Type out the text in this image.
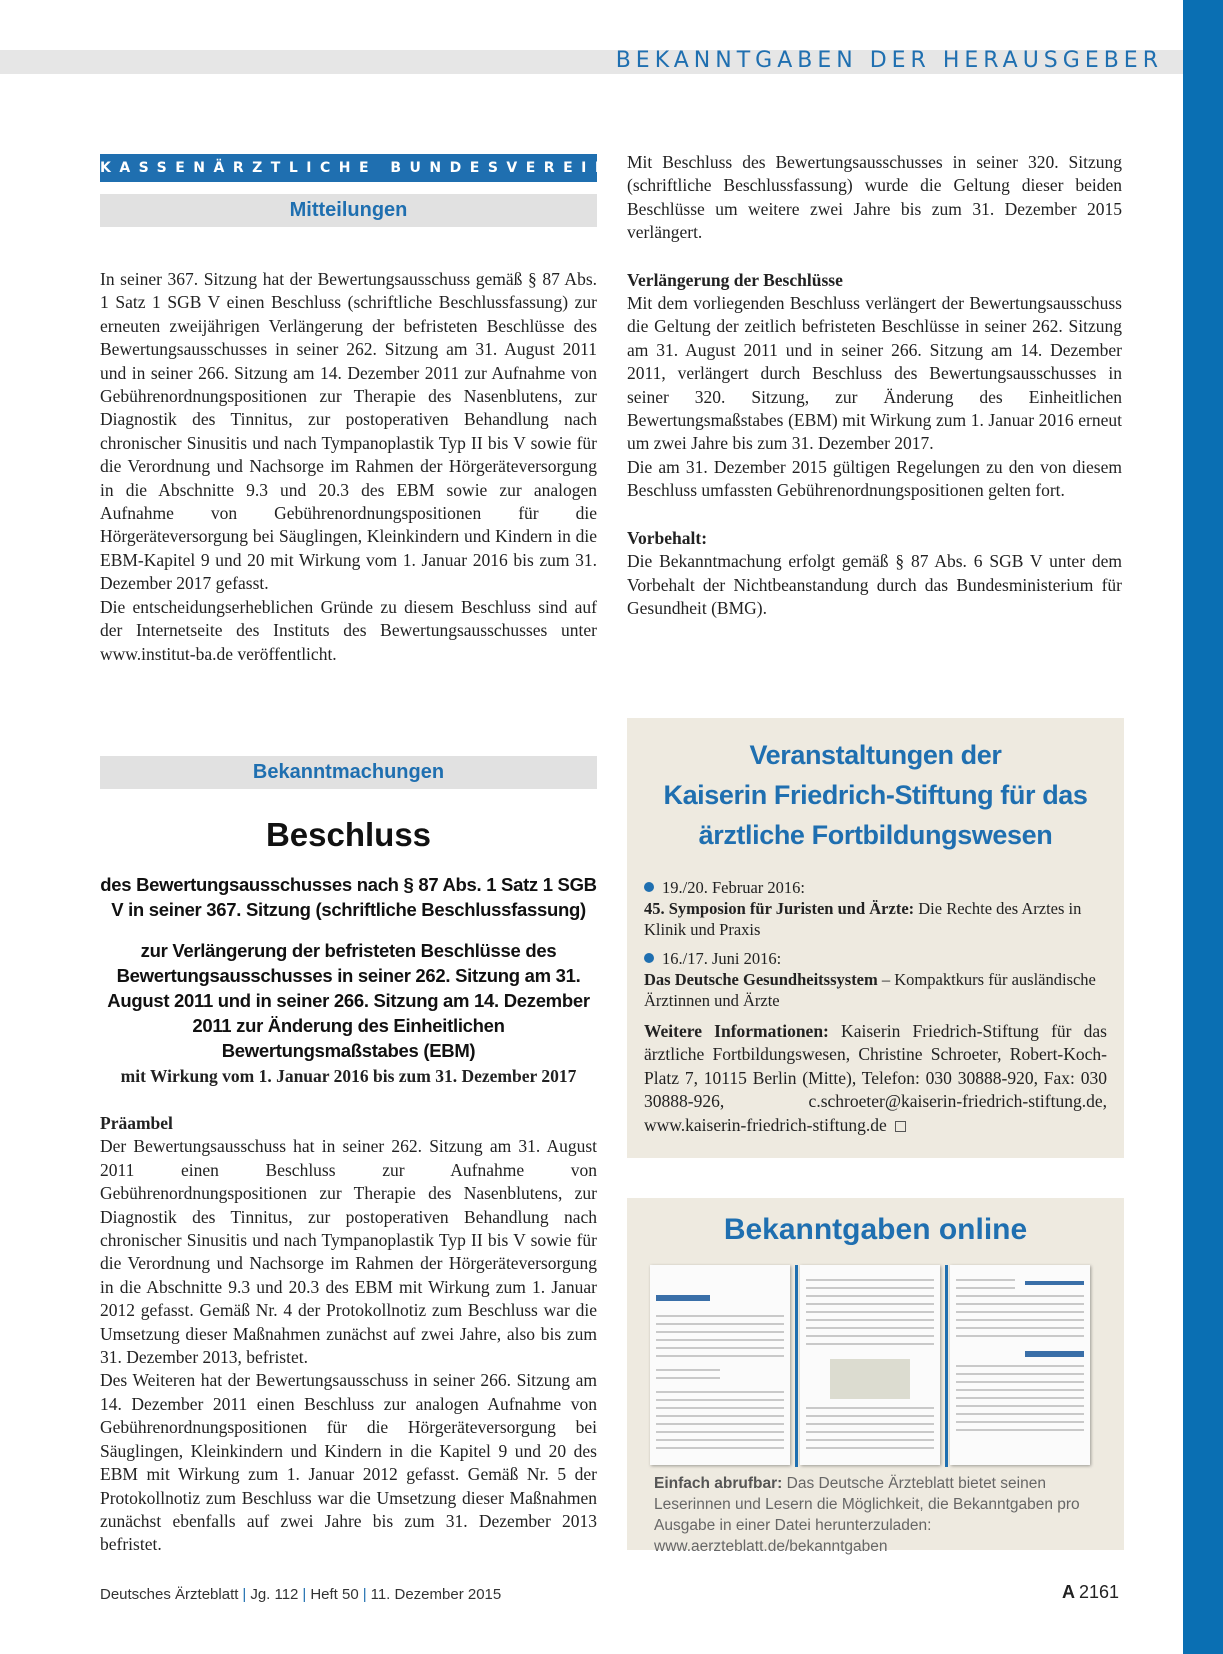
BEKANNTGABEN DER HERAUSGEBER
KASSENÄRZTLICHE BUNDESVEREINIGUNG
Mitteilungen

In seiner 367. Sitzung hat der Bewertungsausschuss gemäß § 87 Abs. 1 Satz 1 SGB V einen Beschluss (schriftliche Beschlussfassung) zur erneuten zweijährigen Verlängerung der befristeten Beschlüsse des Bewertungsausschusses in seiner 262. Sitzung am 31. August 2011 und in seiner 266. Sitzung am 14. Dezember 2011 zur Aufnahme von Gebührenordnungspositionen zur Therapie des Nasenblutens, zur Diagnostik des Tinnitus, zur postoperativen Behandlung nach chronischer Sinusitis und nach Tympanoplastik Typ II bis V sowie für die Verordnung und Nachsorge im Rahmen der Hörgeräteversorgung in die Abschnitte 9.3 und 20.3 des EBM sowie zur analogen Aufnahme von Gebührenordnungspositionen für die Hörgeräteversorgung bei Säuglingen, Kleinkindern und Kindern in die EBM-Kapitel 9 und 20 mit Wirkung vom 1. Januar 2016 bis zum 31. Dezember 2017 gefasst.

Die entscheidungserheblichen Gründe zu diesem Beschluss sind auf der Internetseite des Instituts des Bewertungsausschusses unter www.institut-ba.de veröffentlicht.

Bekanntmachungen
Beschluss
des Bewertungsausschusses nach § 87 Abs. 1 Satz 1 SGB V in seiner 367. Sitzung (schriftliche Beschlussfassung)
zur Verlängerung der befristeten Beschlüsse des Bewertungsausschusses in seiner 262. Sitzung am 31. August 2011 und in seiner 266. Sitzung am 14. Dezember 2011 zur Änderung des Einheitlichen Bewertungsmaßstabes (EBM)
mit Wirkung vom 1. Januar 2016 bis zum 31. Dezember 2017

Präambel

Der Bewertungsausschuss hat in seiner 262. Sitzung am 31. August 2011 einen Beschluss zur Aufnahme von Gebührenordnungspositionen zur Therapie des Nasenblutens, zur Diagnostik des Tinnitus, zur postoperativen Behandlung nach chronischer Sinusitis und nach Tympanoplastik Typ II bis V sowie für die Verordnung und Nachsorge im Rahmen der Hörgeräteversorgung in die Abschnitte 9.3 und 20.3 des EBM mit Wirkung zum 1. Januar 2012 gefasst. Gemäß Nr. 4 der Protokollnotiz zum Beschluss war die Umsetzung dieser Maßnahmen zunächst auf zwei Jahre, also bis zum 31. Dezember 2013, befristet.

Des Weiteren hat der Bewertungsausschuss in seiner 266. Sitzung am 14. Dezember 2011 einen Beschluss zur analogen Aufnahme von Gebührenordnungspositionen für die Hörgeräteversorgung bei Säuglingen, Kleinkindern und Kindern in die Kapitel 9 und 20 des EBM mit Wirkung zum 1. Januar 2012 gefasst. Gemäß Nr. 5 der Protokollnotiz zum Beschluss war die Umsetzung dieser Maßnahmen zunächst ebenfalls auf zwei Jahre bis zum 31. Dezember 2013 befristet.

Mit Beschluss des Bewertungsausschusses in seiner 320. Sitzung (schriftliche Beschlussfassung) wurde die Geltung dieser beiden Beschlüsse um weitere zwei Jahre bis zum 31. Dezember 2015 verlängert.

Verlängerung der Beschlüsse

Mit dem vorliegenden Beschluss verlängert der Bewertungsausschuss die Geltung der zeitlich befristeten Beschlüsse in seiner 262. Sitzung am 31. August 2011 und in seiner 266. Sitzung am 14. Dezember 2011, verlängert durch Beschluss des Bewertungsausschusses in seiner 320. Sitzung, zur Änderung des Einheitlichen Bewertungsmaßstabes (EBM) mit Wirkung zum 1. Januar 2016 erneut um zwei Jahre bis zum 31. Dezember 2017.

Die am 31. Dezember 2015 gültigen Regelungen zu den von diesem Beschluss umfassten Gebührenordnungspositionen gelten fort.

Vorbehalt:

Die Bekanntmachung erfolgt gemäß § 87 Abs. 6 SGB V unter dem Vorbehalt der Nichtbeanstandung durch das Bundesministerium für Gesundheit (BMG).

Veranstaltungen der
Kaiserin Friedrich-Stiftung für das
ärztliche Fortbildungswesen
19./20. Februar 2016:
45. Symposion für Juristen und Ärzte: Die Rechte des Arztes in Klinik und Praxis
16./17. Juni 2016:
Das Deutsche Gesundheitssystem – Kompaktkurs für ausländische Ärztinnen und Ärzte
Weitere Informationen: Kaiserin Friedrich-Stiftung für das ärztliche Fortbildungswesen, Christine Schroeter, Robert-Koch-Platz 7, 10115 Berlin (Mitte), Telefon: 030 30888-920, Fax: 030 30888-926, c.schroeter@kaiserin-friedrich-stiftung.de, www.kaiserin-friedrich-stiftung.de
Bekanntgaben online
Einfach abrufbar: Das Deutsche Ärzteblatt bietet seinen Leserinnen und Lesern die Möglichkeit, die Bekanntgaben pro Ausgabe in einer Datei herunterzuladen: www.aerzteblatt.de/bekanntgaben
Deutsches Ärzteblatt | Jg. 112 | Heft 50 | 11. Dezember 2015	A 2161
